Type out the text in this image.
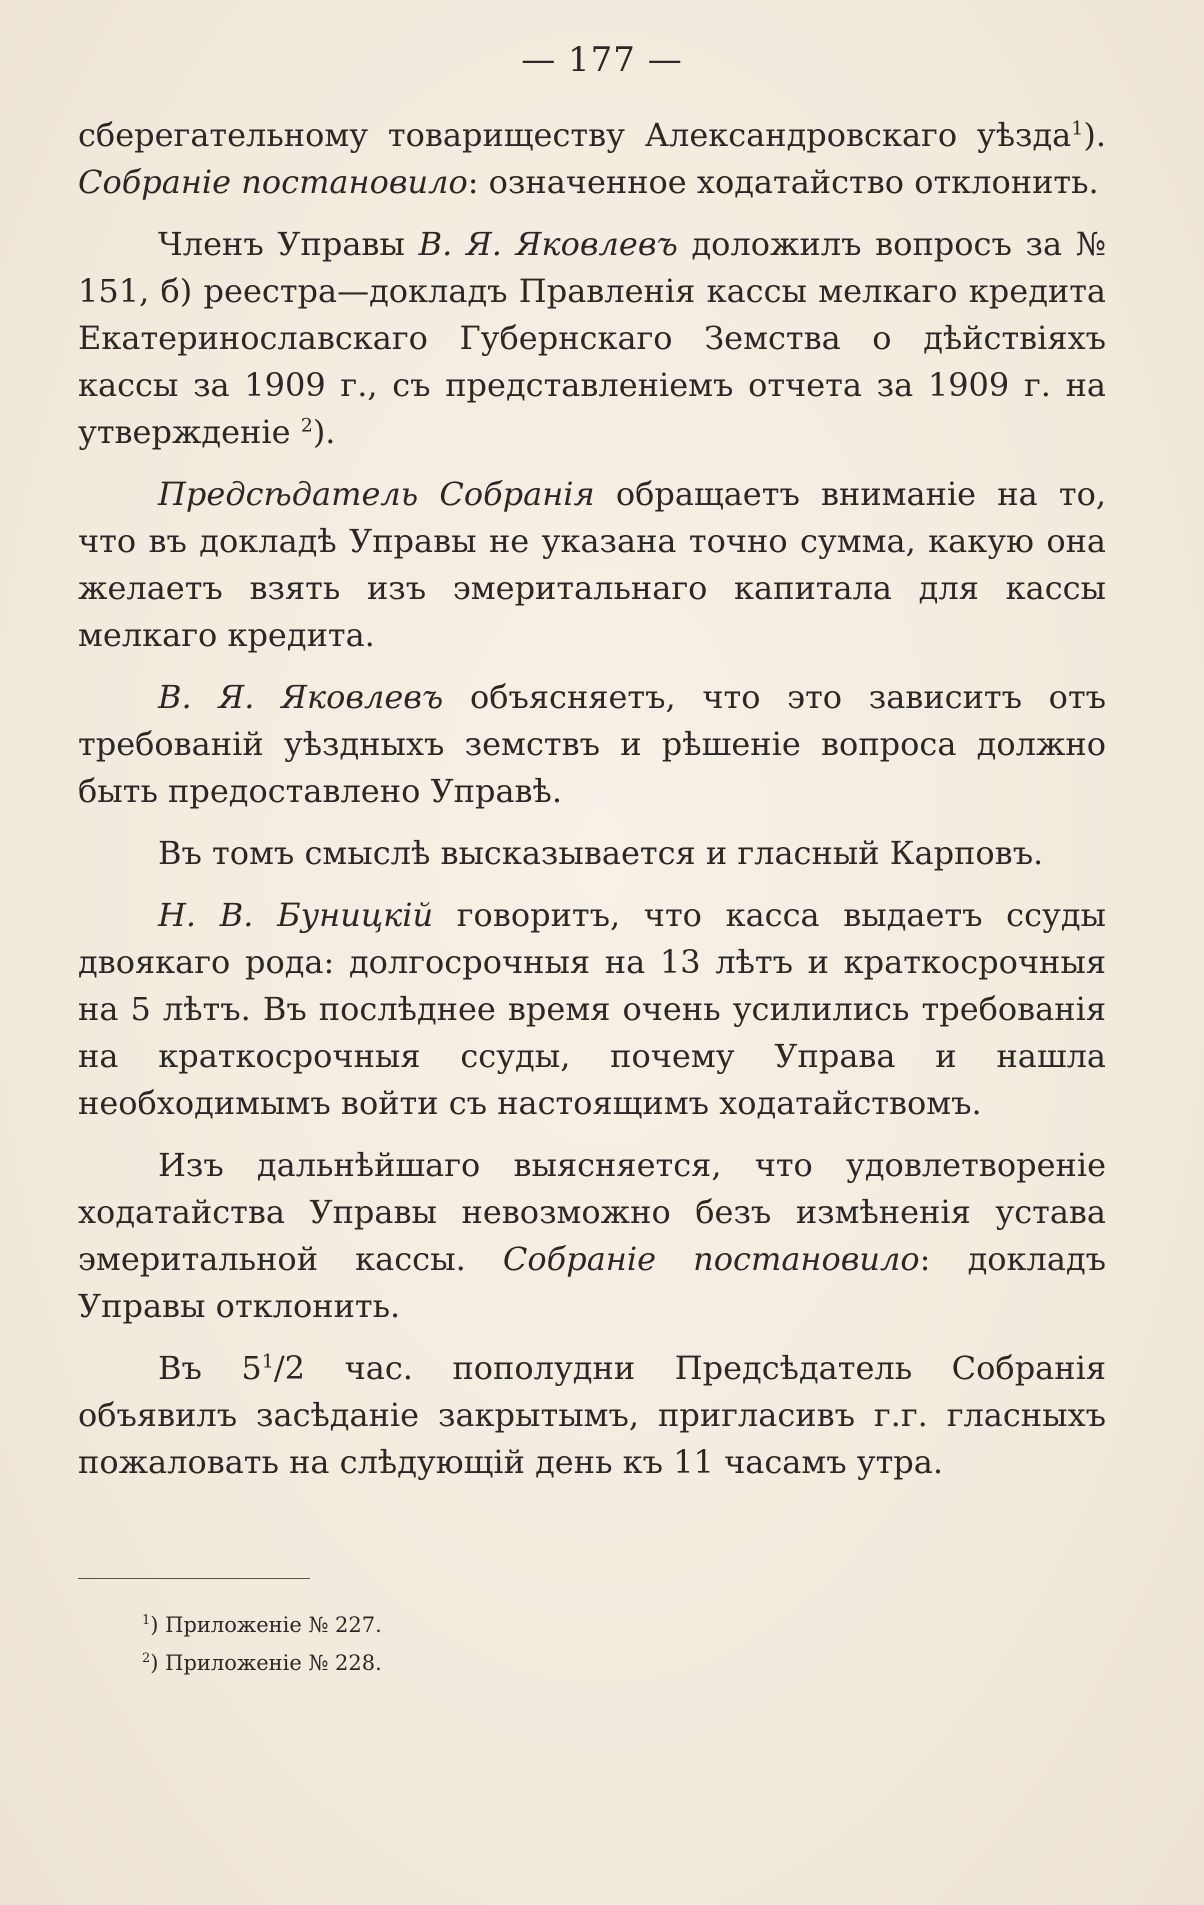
— 177 —

сберегательному товариществу Александровскаго уѣзда$^1$). Собраніе постановило: означенное ходатайство отклонить.

Членъ Управы В. Я. Яковлевъ доложилъ вопросъ за № 151, б) реестра—докладъ Правленія кассы мелкаго кредита Екатеринославскаго Губернскаго Земства о дѣйствіяхъ кассы за 1909 г., съ представленіемъ отчета за 1909 г. на утвержденіе $^2$).

Предсѣдатель Собранія обращаетъ вниманіе на то, что въ докладѣ Управы не указана точно сумма, какую она желаетъ взять изъ эмеритальнаго капитала для кассы мелкаго кредита.

В. Я. Яковлевъ объясняетъ, что это зависитъ отъ требованій уѣздныхъ земствъ и рѣшеніе вопроса должно быть предоставлено Управѣ.

Въ томъ смыслѣ высказывается и гласный Карповъ.

Н. В. Буницкій говоритъ, что касса выдаетъ ссуды двоякаго рода: долгосрочныя на 13 лѣтъ и краткосрочныя на 5 лѣтъ. Въ послѣднее время очень усилились требованія на краткосрочныя ссуды, почему Управа и нашла необходимымъ войти съ настоящимъ ходатайствомъ.

Изъ дальнѣйшаго выясняется, что удовлетвореніе ходатайства Управы невозможно безъ измѣненія устава эмеритальной кассы. Собраніе постановило: докладъ Управы отклонить.

Въ $5^1/2$ час. пополудни Предсѣдатель Собранія объявилъ засѣданіе закрытымъ, пригласивъ г.г. гласныхъ пожаловать на слѣдующій день къ 11 часамъ утра.

$^1$) Приложеніе № 227.
$^2$) Приложеніе № 228.
